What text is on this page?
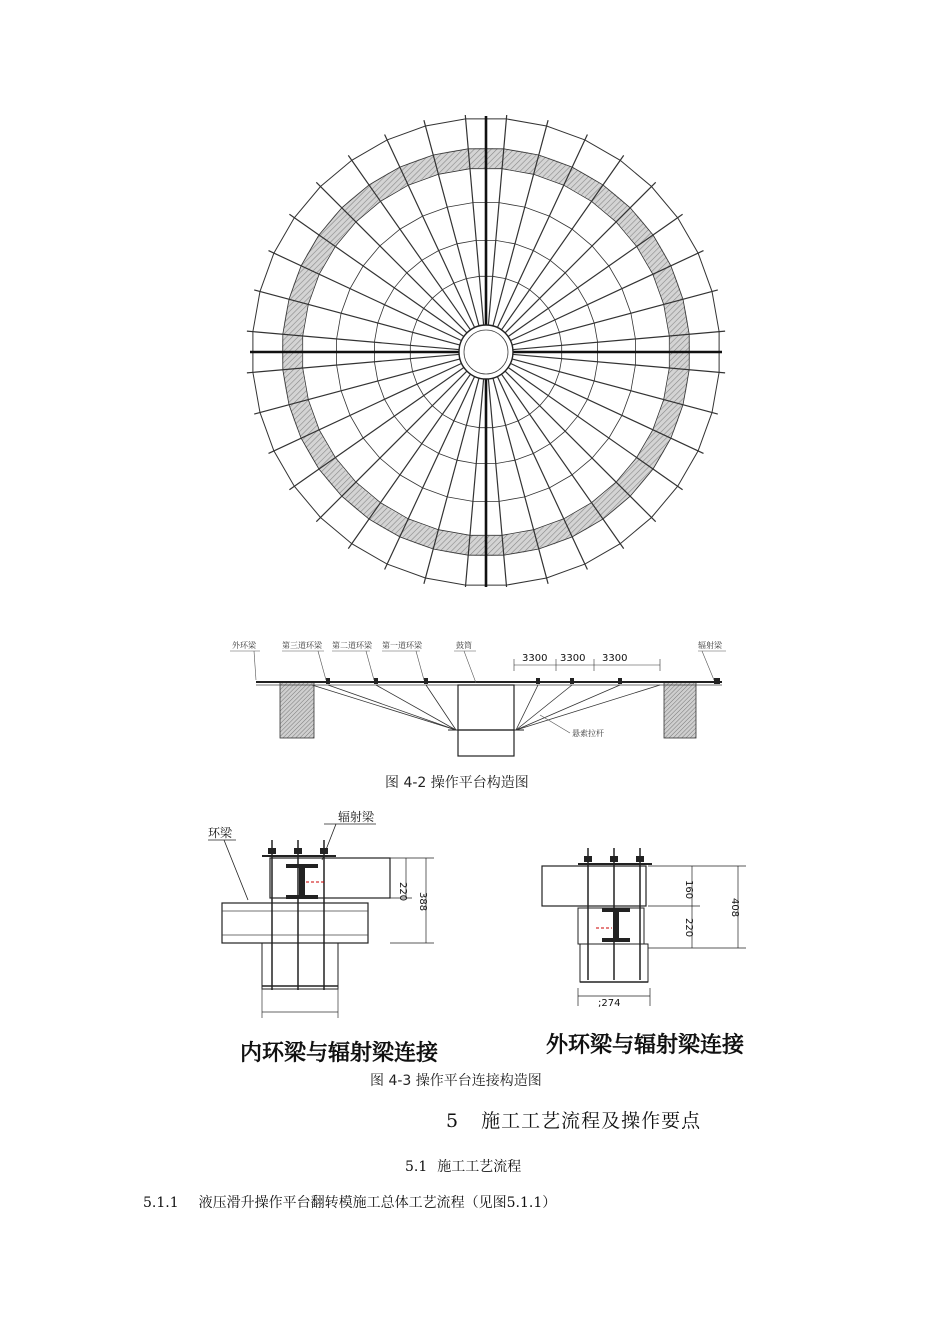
外环梁	第三道环梁 第二道环梁 第一道环梁	鼓筒	辐射梁
悬索拉杆
3300 3300 3300
图 4-2 操作平台构造图
环梁
辐射梁
220
388
内环梁与辐射梁连接
160
220
408
;274
外环梁与辐射梁连接
图 4-3 操作平台连接构造图
5 施工工艺流程及操作要点
5.1 施工工艺流程
5.1.1 液压滑升操作平台翻转模施工总体工艺流程（见图5.1.1）
